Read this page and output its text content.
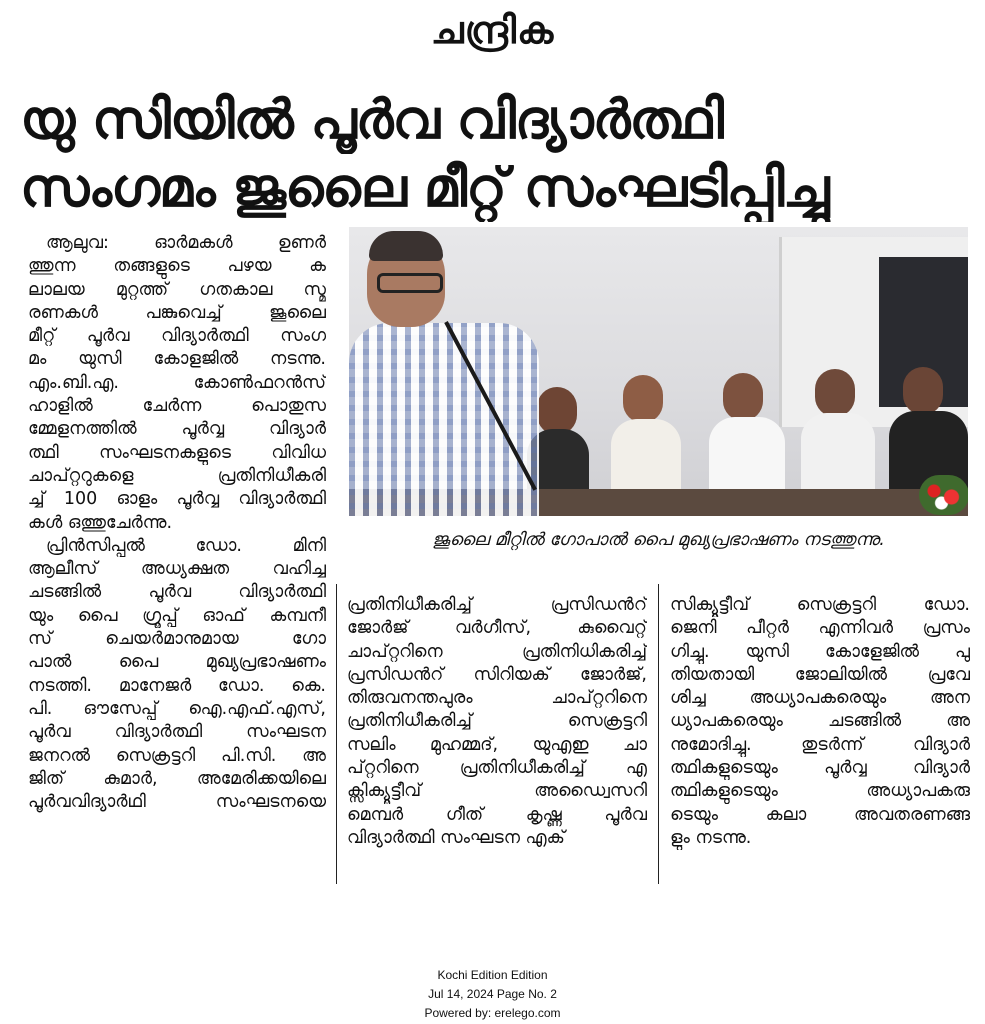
ചന്ദ്രിക
യു സിയിൽ പൂർവ വിദ്യാർത്ഥി
സംഗമം ജൂലൈ മീറ്റ് സംഘടിപ്പിച്ചു

ആലുവ: ഓർമകൾ ഉണർ
ത്തുന്ന തങ്ങളുടെ പഴയ ക
ലാലയ മുറ്റത്ത് ഗതകാല സ്മ
രണകൾ പങ്കുവെച്ച് ജൂലൈ
മീറ്റ് പൂർവ വിദ്യാർത്ഥി സംഗ
മം യുസി കോളജിൽ നടന്നു.
എം.ബി.എ. കോൺഫറൻസ്
ഹാളിൽ ചേർന്ന പൊതുസ
മ്മേളനത്തിൽ പൂർവ്വ വിദ്യാർ
ത്ഥി സംഘടനകളുടെ വിവിധ
ചാപ്റ്ററുകളെ പ്രതിനിധീകരി
ച്ച് 100 ഓളം പൂർവ്വ വിദ്യാർത്ഥി
കൾ ഒത്തുചേർന്നു.

പ്രിൻസിപ്പൽ ഡോ. മിനി
ആലീസ് അധ്യക്ഷത വഹിച്ച
ചടങ്ങിൽ പൂർവ വിദ്യാർത്ഥി
യും പൈ ഗ്രൂപ്പ് ഓഫ് കമ്പനീ
സ് ചെയർമാനുമായ ഗോ
പാൽ പൈ മുഖ്യപ്രഭാഷണം
നടത്തി. മാനേജർ ഡോ. കെ.
പി. ഔസേപ്പ് ഐ.എഫ്.എസ്,
പൂർവ വിദ്യാർത്ഥി സംഘടന
ജനറൽ സെക്രട്ടറി പി.സി. അ
ജിത് കുമാർ, അമേരിക്കയിലെ
പൂർവവിദ്യാർഥി സംഘടനയെ

ജൂലൈ മീറ്റിൽ ഗോപാൽ പൈ മുഖ്യപ്രഭാഷണം നടത്തുന്നു.
പ്രതിനിധീകരിച്ച് പ്രസിഡൻറ്
ജോർജ് വർഗീസ്, കുവൈറ്റ്
ചാപ്റ്ററിനെ പ്രതിനിധികരിച്ച്
പ്രസിഡൻറ് സിറിയക് ജോർജ്,
തിരുവനന്തപുരം ചാപ്റ്ററിനെ
പ്രതിനിധീകരിച്ച് സെക്രട്ടറി
സലിം മുഹമ്മദ്, യുഎഇ ചാ
പ്റ്ററിനെ പ്രതിനിധീകരിച്ച് എ
ക്സിക്യൂട്ടീവ് അഡ്വൈസറി
മെമ്പർ ഗീത് കൃഷ്ണ പൂർവ
വിദ്യാർത്ഥി സംഘടന എക്
സിക്യൂട്ടീവ് സെക്രട്ടറി ഡോ.
ജെനി പീറ്റർ എന്നിവർ പ്രസം
ഗിച്ചു. യുസി കോളേജിൽ പു
തിയതായി ജോലിയിൽ പ്രവേ
ശിച്ച അധ്യാപകരെയും അന
ധ്യാപകരെയും ചടങ്ങിൽ അ
നുമോദിച്ചു. തുടർന്ന് വിദ്യാർ
ത്ഥികളുടെയും പൂർവ്വ വിദ്യാർ
ത്ഥികളുടെയും അധ്യാപകരു
ടെയും കലാ അവതരണങ്ങ
ളും നടന്നു.
Kochi Edition Edition
Jul 14, 2024 Page No. 2
Powered by: erelego.com
